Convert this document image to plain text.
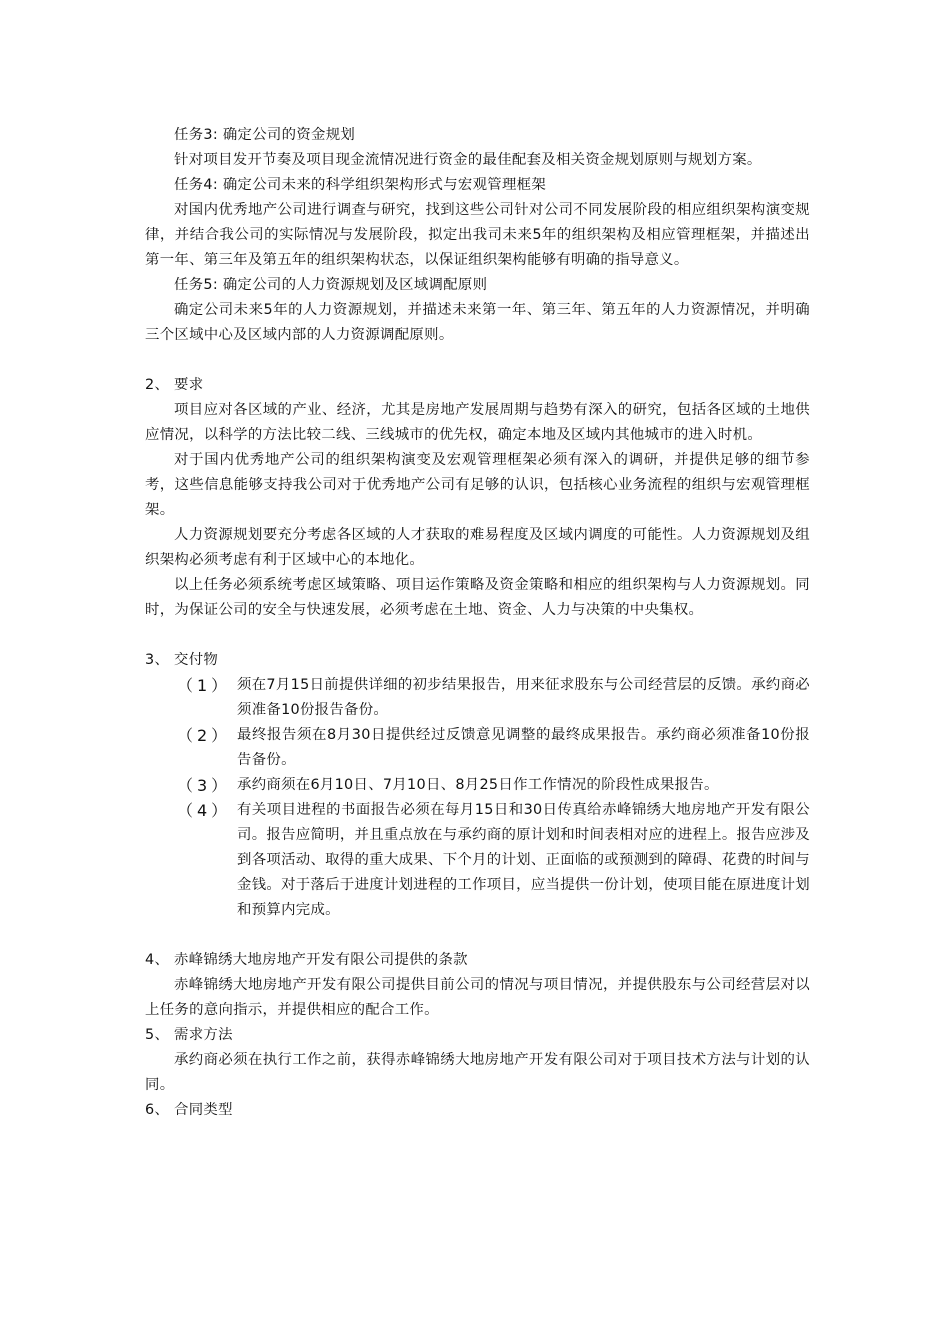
任务3: 确定公司的资金规划

针对项目发开节奏及项目现金流情况进行资金的最佳配套及相关资金规划原则与规划方案。

任务4: 确定公司未来的科学组织架构形式与宏观管理框架

对国内优秀地产公司进行调查与研究，找到这些公司针对公司不同发展阶段的相应组织架构演变规律，并结合我公司的实际情况与发展阶段，拟定出我司未来5年的组织架构及相应管理框架，并描述出第一年、第三年及第五年的组织架构状态，以保证组织架构能够有明确的指导意义。

任务5: 确定公司的人力资源规划及区域调配原则

确定公司未来5年的人力资源规划，并描述未来第一年、第三年、第五年的人力资源情况，并明确三个区域中心及区域内部的人力资源调配原则。

2、 要求

项目应对各区域的产业、经济，尤其是房地产发展周期与趋势有深入的研究，包括各区域的土地供应情况，以科学的方法比较二线、三线城市的优先权，确定本地及区域内其他城市的进入时机。

对于国内优秀地产公司的组织架构演变及宏观管理框架必须有深入的调研，并提供足够的细节参考，这些信息能够支持我公司对于优秀地产公司有足够的认识，包括核心业务流程的组织与宏观管理框架。

人力资源规划要充分考虑各区域的人才获取的难易程度及区域内调度的可能性。人力资源规划及组织架构必须考虑有利于区域中心的本地化。

以上任务必须系统考虑区域策略、项目运作策略及资金策略和相应的组织架构与人力资源规划。同时，为保证公司的安全与快速发展，必须考虑在土地、资金、人力与决策的中央集权。

3、 交付物

（1） 须在7月15日前提供详细的初步结果报告，用来征求股东与公司经营层的反馈。承约商必须准备10份报告备份。
（2） 最终报告须在8月30日提供经过反馈意见调整的最终成果报告。承约商必须准备10份报告备份。
（3） 承约商须在6月10日、7月10日、8月25日作工作情况的阶段性成果报告。
（4） 有关项目进程的书面报告必须在每月15日和30日传真给赤峰锦绣大地房地产开发有限公司。报告应简明，并且重点放在与承约商的原计划和时间表相对应的进程上。报告应涉及到各项活动、取得的重大成果、下个月的计划、正面临的或预测到的障碍、花费的时间与金钱。对于落后于进度计划进程的工作项目，应当提供一份计划，使项目能在原进度计划和预算内完成。

4、 赤峰锦绣大地房地产开发有限公司提供的条款

赤峰锦绣大地房地产开发有限公司提供目前公司的情况与项目情况，并提供股东与公司经营层对以上任务的意向指示，并提供相应的配合工作。

5、 需求方法

承约商必须在执行工作之前，获得赤峰锦绣大地房地产开发有限公司对于项目技术方法与计划的认同。

6、 合同类型
